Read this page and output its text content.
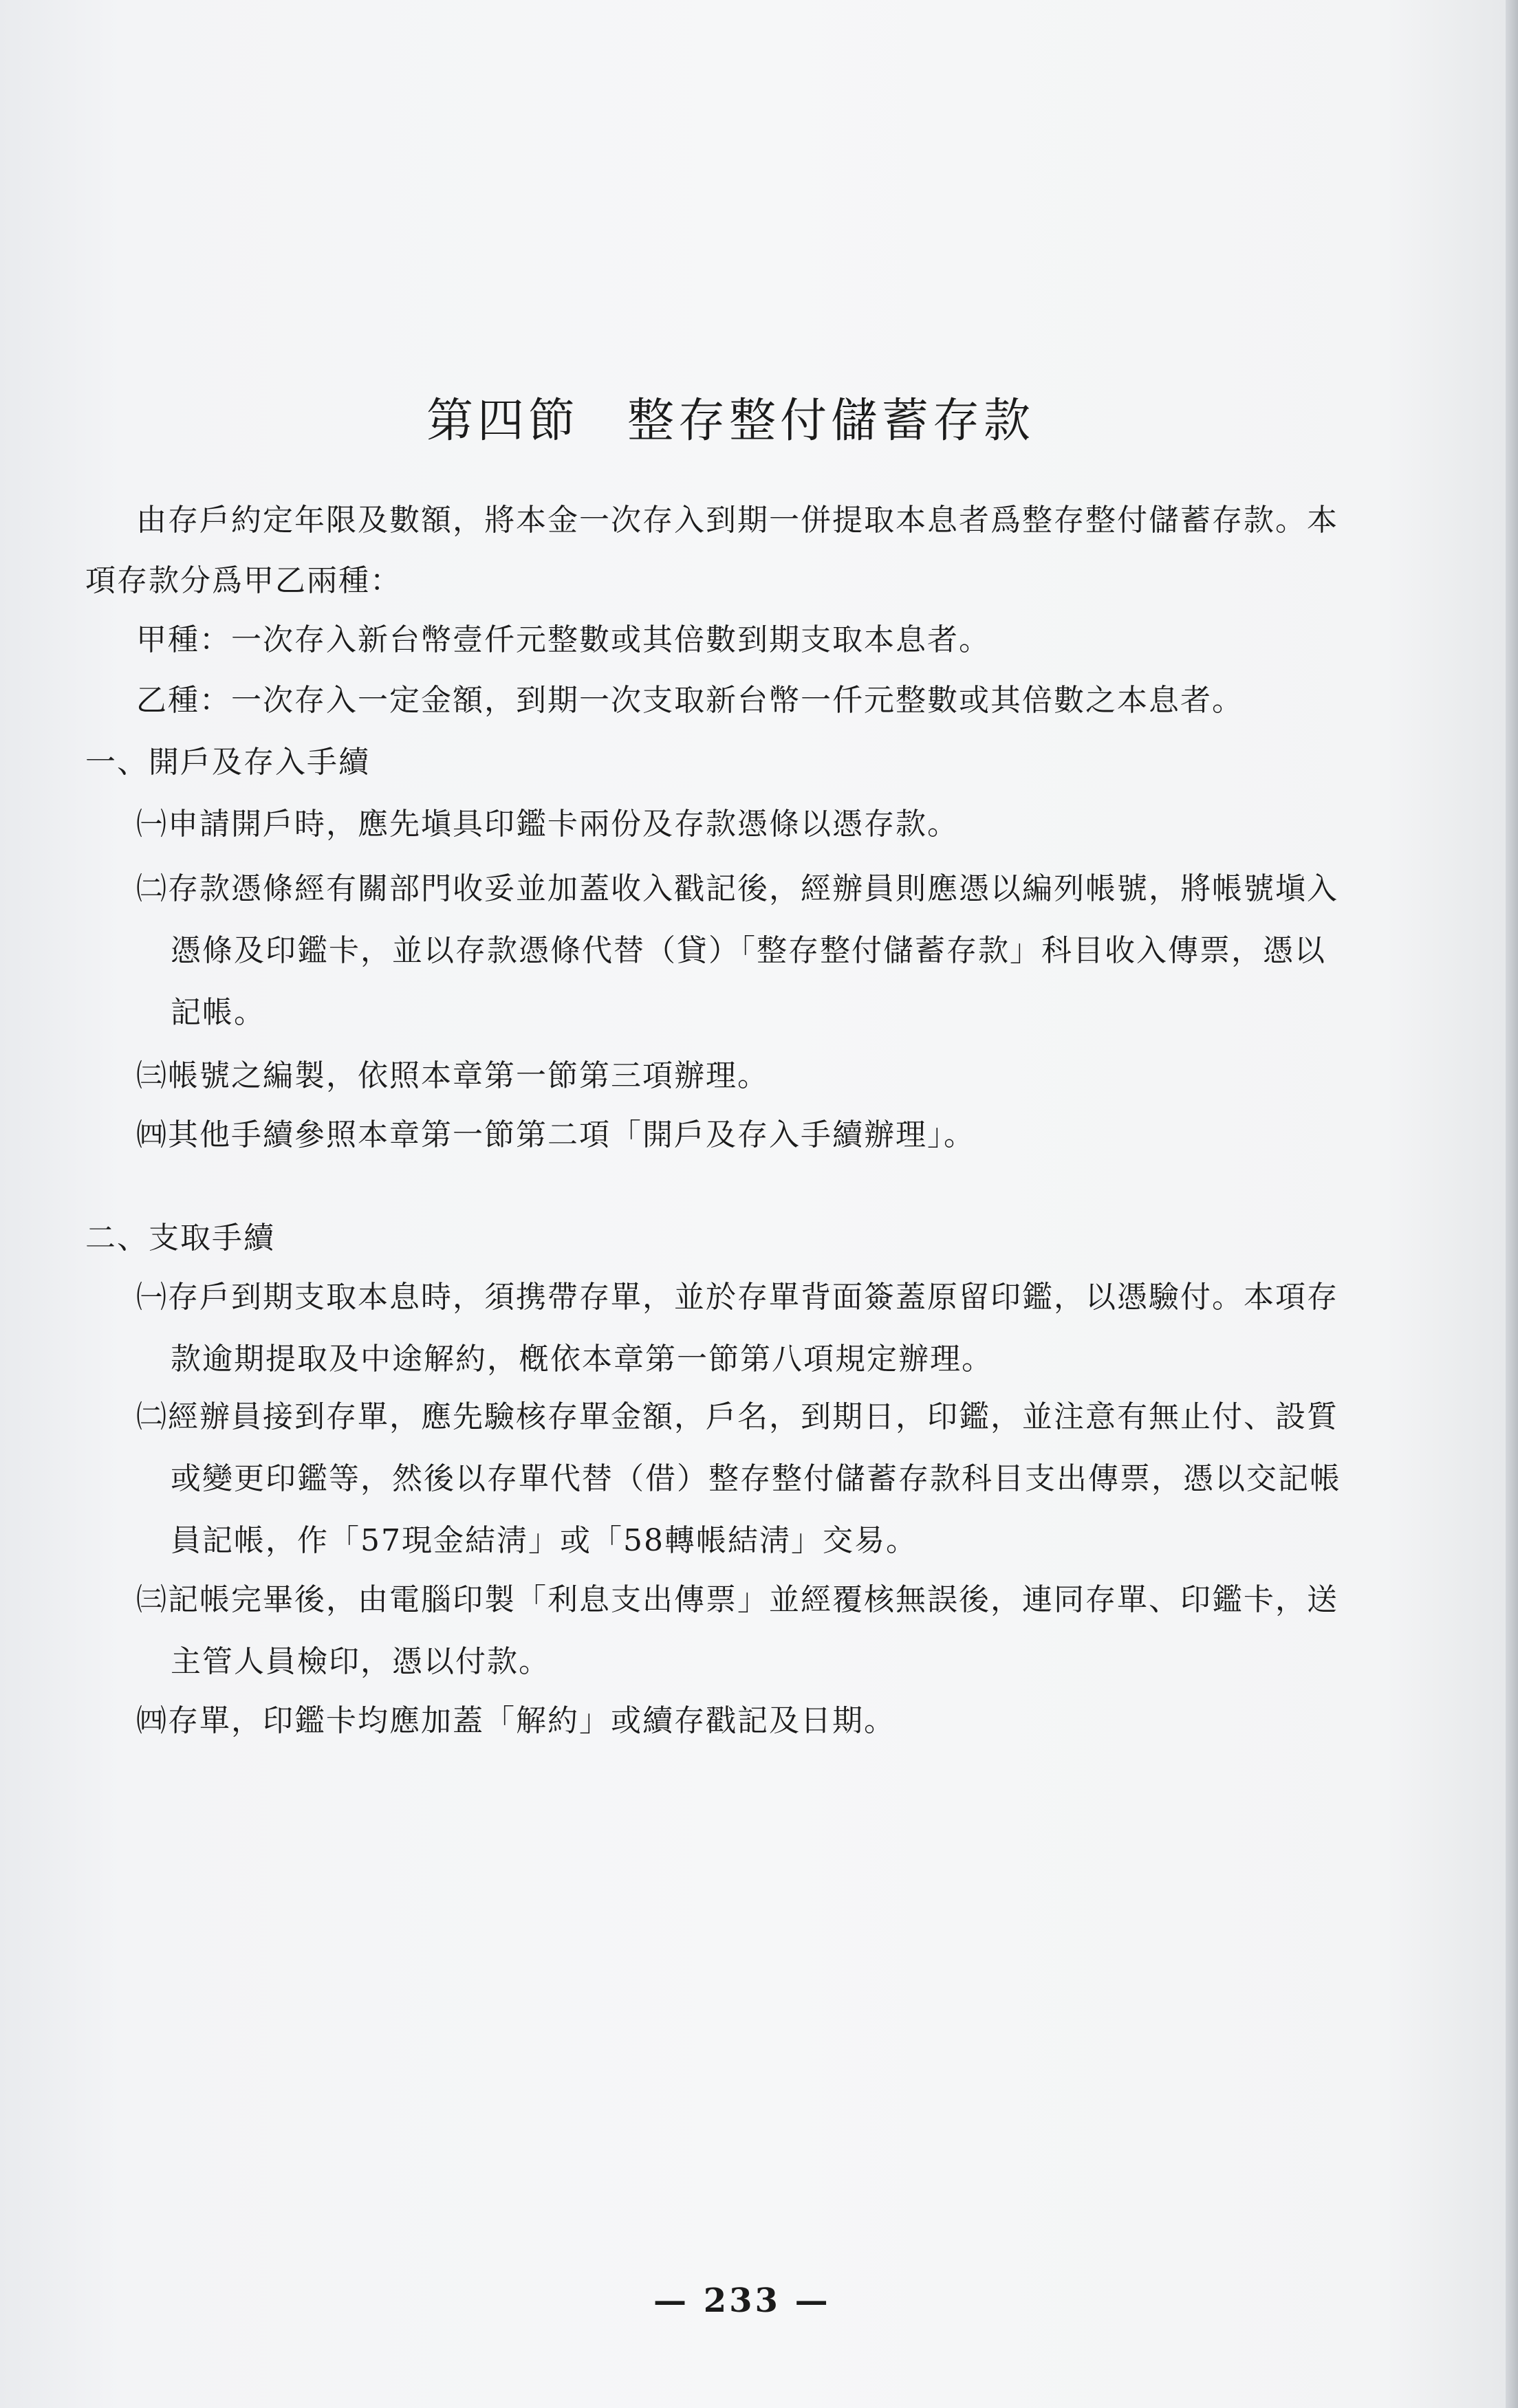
第四節 整存整付儲蓄存款
由存戶約定年限及數額，將本金一次存入到期一併提取本息者爲整存整付儲蓄存款。本
項存款分爲甲乙兩種：
甲種：一次存入新台幣壹仟元整數或其倍數到期支取本息者。
乙種：一次存入一定金額，到期一次支取新台幣一仟元整數或其倍數之本息者。
一、開戶及存入手續
㈠申請開戶時，應先塡具印鑑卡兩份及存款憑條以憑存款。
㈡存款憑條經有關部門收妥並加蓋收入戳記後，經辦員則應憑以編列帳號，將帳號塡入
憑條及印鑑卡，並以存款憑條代替（貸）「整存整付儲蓄存款」科目收入傳票，憑以
記帳。
㈢帳號之編製，依照本章第一節第三項辦理。
㈣其他手續參照本章第一節第二項「開戶及存入手續辦理」。
二、支取手續
㈠存戶到期支取本息時，須携帶存單，並於存單背面簽蓋原留印鑑，以憑驗付。本項存
款逾期提取及中途解約，槪依本章第一節第八項規定辦理。
㈡經辦員接到存單，應先驗核存單金額，戶名，到期日，印鑑，並注意有無止付、設質
或變更印鑑等，然後以存單代替（借）整存整付儲蓄存款科目支出傳票，憑以交記帳
員記帳，作「57現金結淸」或「58轉帳結淸」交易。
㈢記帳完畢後，由電腦印製「利息支出傳票」並經覆核無誤後，連同存單、印鑑卡，送
主管人員檢印，憑以付款。
㈣存單，印鑑卡均應加蓋「解約」或續存戳記及日期。
— 233 —
